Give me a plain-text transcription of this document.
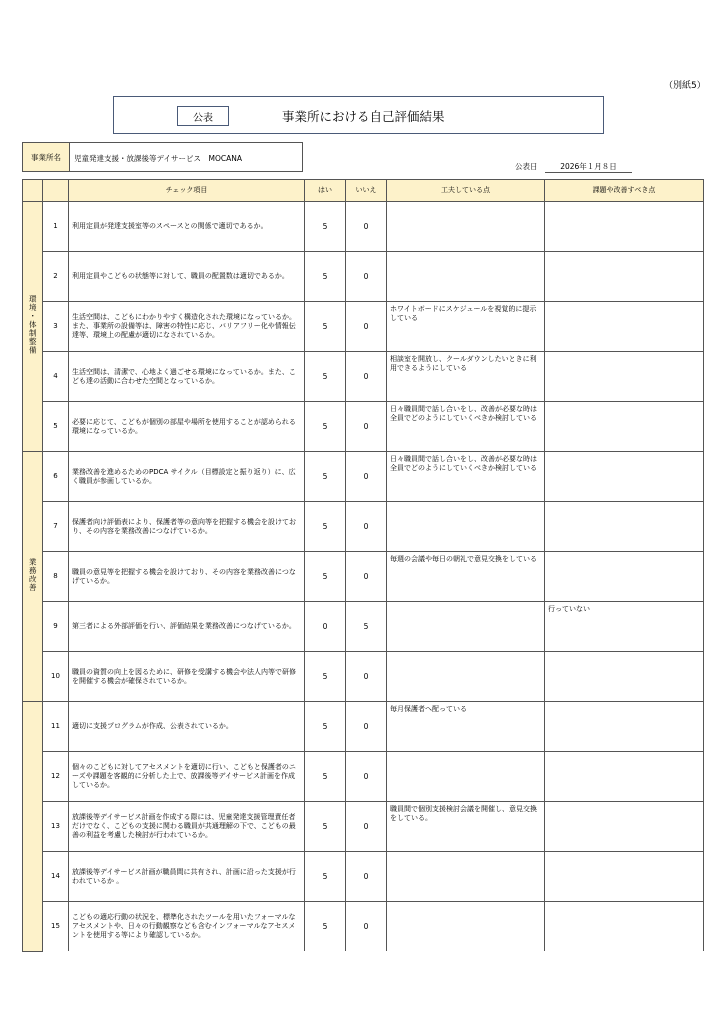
（別紙5）
公表	事業所における自己評価結果
事業所名	児童発達支援・放課後等デイサービス　MOCANA
公表日	2026年１月８日
		チェック項目	はい	いいえ	工夫している点	課題や改善すべき点
環境・体制整備	1	利用定員が発達支援室等のスペースとの関係で適切であるか。	5	0		
	2	利用定員やこどもの状態等に対して、職員の配置数は適切であるか。	5	0		
	3	生活空間は、こどもにわかりやすく構造化された環境になっているか。また、事業所の設備等は、障害の特性に応じ、バリアフリー化や情報伝達等、環境上の配慮が適切になされているか。	5	0	ホワイトボードにスケジュールを視覚的に提示している	
	4	生活空間は、清潔で、心地よく過ごせる環境になっているか。また、こども達の活動に合わせた空間となっているか。	5	0	相談室を開放し、クールダウンしたいときに利用できるようにしている	
	5	必要に応じて、こどもが個別の部屋や場所を使用することが認められる環境になっているか。	5	0	日々職員間で話し合いをし、改善が必要な時は全員でどのようにしていくべきか検討している	
業務改善	6	業務改善を進めるためのPDCA サイクル（目標設定と振り返り）に、広く職員が参画しているか。	5	0	日々職員間で話し合いをし、改善が必要な時は全員でどのようにしていくべきか検討している	
	7	保護者向け評価表により、保護者等の意向等を把握する機会を設けており、その内容を業務改善につなげているか。	5	0		
	8	職員の意見等を把握する機会を設けており、その内容を業務改善につなげているか。	5	0	毎週の会議や毎日の朝礼で意見交換をしている	
	9	第三者による外部評価を行い、評価結果を業務改善につなげているか。	0	5		行っていない
	10	職員の資質の向上を図るために、研修を受講する機会や法人内等で研修を開催する機会が確保されているか。	5	0		
	11	適切に支援プログラムが作成、公表されているか。	5	0	毎月保護者へ配っている	
	12	個々のこどもに対してアセスメントを適切に行い、こどもと保護者のニーズや課題を客観的に分析した上で、放課後等デイサービス計画を作成しているか。	5	0		
	13	放課後等デイサービス計画を作成する際には、児童発達支援管理責任者だけでなく、こどもの支援に関わる職員が共通理解の下で、こどもの最善の利益を考慮した検討が行われているか。	5	0	職員間で個別支援検討会議を開催し、意見交換をしている。	
	14	放課後等デイサービス計画が職員間に共有され、計画に沿った支援が行われているか 。	5	0		
	15	こどもの適応行動の状況を、標準化されたツールを用いたフォーマルなアセスメントや、日々の行動観察なども含むインフォーマルなアセスメントを使用する等により確認しているか。	5	0		
